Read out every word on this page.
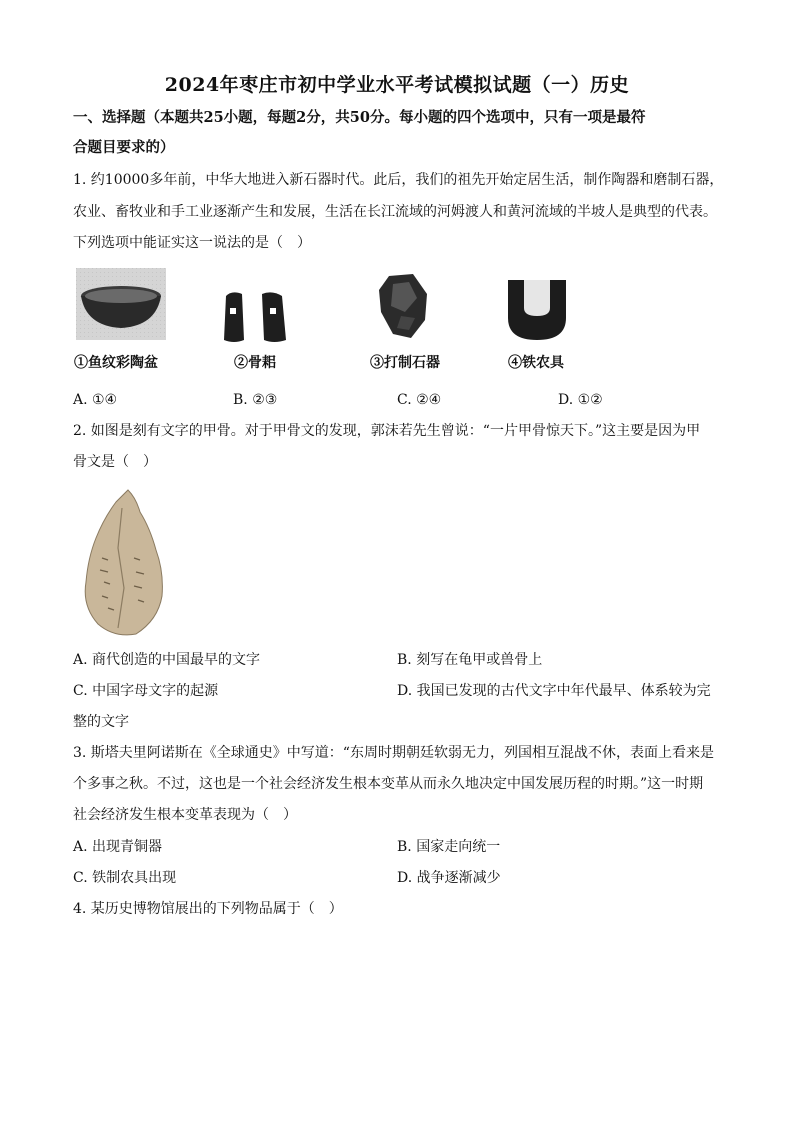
2024年枣庄市初中学业水平考试模拟试题（一）历史
一、选择题（本题共25小题，每题2分，共50分。每小题的四个选项中，只有一项是最符
合题目要求的）
1. 约10000多年前，中华大地进入新石器时代。此后，我们的祖先开始定居生活，制作陶器和磨制石器，
农业、畜牧业和手工业逐渐产生和发展，生活在长江流域的河姆渡人和黄河流域的半坡人是典型的代表。
下列选项中能证实这一说法的是（　）
①鱼纹彩陶盆	②骨耜	③打制石器	④铁农具
A. ①④	B. ②③	C. ②④	D. ①②
2. 如图是刻有文字的甲骨。对于甲骨文的发现，郭沫若先生曾说：“一片甲骨惊天下。”这主要是因为甲
骨文是（　）
A. 商代创造的中国最早的文字	B. 刻写在龟甲或兽骨上
C. 中国字母文字的起源	D. 我国已发现的古代文字中年代最早、体系较为完
整的文字
3. 斯塔夫里阿诺斯在《全球通史》中写道：“东周时期朝廷软弱无力，列国相互混战不休，表面上看来是
个多事之秋。不过，这也是一个社会经济发生根本变革从而永久地决定中国发展历程的时期。”这一时期
社会经济发生根本变革表现为（　）
A. 出现青铜器	B. 国家走向统一
C. 铁制农具出现	D. 战争逐渐减少
4. 某历史博物馆展出的下列物品属于（　）
